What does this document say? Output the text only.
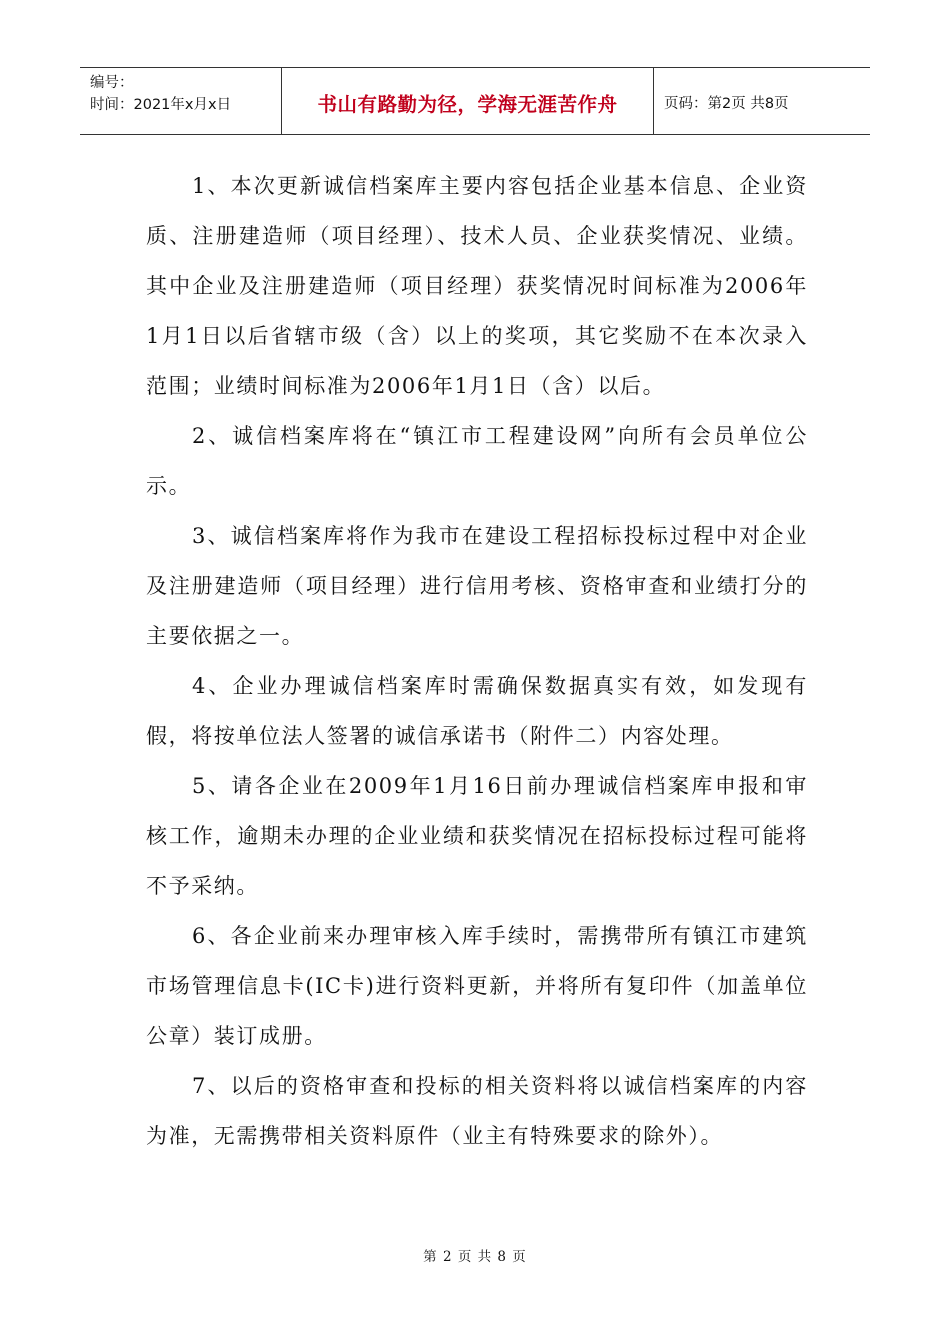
编号：
时间：2021年x月x日	书山有路勤为径，学海无涯苦作舟	页码：第2页 共8页

1、本次更新诚信档案库主要内容包括企业基本信息、企业资质、注册建造师（项目经理）、技术人员、企业获奖情况、业绩。其中企业及注册建造师（项目经理）获奖情况时间标准为2006年1月1日以后省辖市级（含）以上的奖项，其它奖励不在本次录入范围；业绩时间标准为2006年1月1日（含）以后。

2、诚信档案库将在“镇江市工程建设网”向所有会员单位公示。

3、诚信档案库将作为我市在建设工程招标投标过程中对企业及注册建造师（项目经理）进行信用考核、资格审查和业绩打分的主要依据之一。

4、企业办理诚信档案库时需确保数据真实有效，如发现有假，将按单位法人签署的诚信承诺书（附件二）内容处理。

5、请各企业在2009年1月16日前办理诚信档案库申报和审核工作，逾期未办理的企业业绩和获奖情况在招标投标过程可能将不予采纳。

6、各企业前来办理审核入库手续时，需携带所有镇江市建筑市场管理信息卡(IC卡)进行资料更新，并将所有复印件（加盖单位公章）装订成册。

7、以后的资格审查和投标的相关资料将以诚信档案库的内容为准，无需携带相关资料原件（业主有特殊要求的除外）。

第 2 页 共 8 页
